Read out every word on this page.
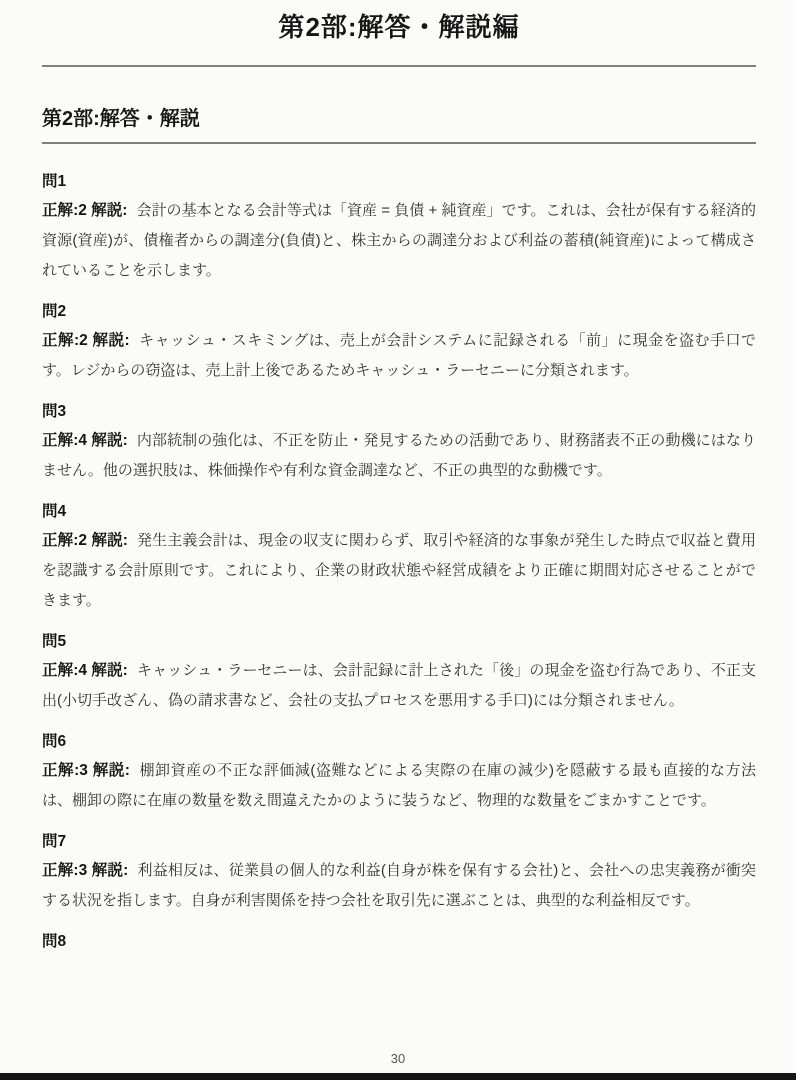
第2部:解答・解説編
第2部:解答・解説
問1

正解:2 解説: 会計の基本となる会計等式は「資産 = 負債 + 純資産」です。これは、会社が保有する経済的資源(資産)が、債権者からの調達分(負債)と、株主からの調達分および利益の蓄積(純資産)によって構成されていることを示します。

問2

正解:2 解説: キャッシュ・スキミングは、売上が会計システムに記録される「前」に現金を盗む手口です。レジからの窃盗は、売上計上後であるためキャッシュ・ラーセニーに分類されます。

問3

正解:4 解説: 内部統制の強化は、不正を防止・発見するための活動であり、財務諸表不正の動機にはなりません。他の選択肢は、株価操作や有利な資金調達など、不正の典型的な動機です。

問4

正解:2 解説: 発生主義会計は、現金の収支に関わらず、取引や経済的な事象が発生した時点で収益と費用を認識する会計原則です。これにより、企業の財政状態や経営成績をより正確に期間対応させることができます。

問5

正解:4 解説: キャッシュ・ラーセニーは、会計記録に計上された「後」の現金を盗む行為であり、不正支出(小切手改ざん、偽の請求書など、会社の支払プロセスを悪用する手口)には分類されません。

問6

正解:3 解説: 棚卸資産の不正な評価減(盗難などによる実際の在庫の減少)を隠蔽する最も直接的な方法は、棚卸の際に在庫の数量を数え間違えたかのように装うなど、物理的な数量をごまかすことです。

問7

正解:3 解説: 利益相反は、従業員の個人的な利益(自身が株を保有する会社)と、会社への忠実義務が衝突する状況を指します。自身が利害関係を持つ会社を取引先に選ぶことは、典型的な利益相反です。

問8
30
